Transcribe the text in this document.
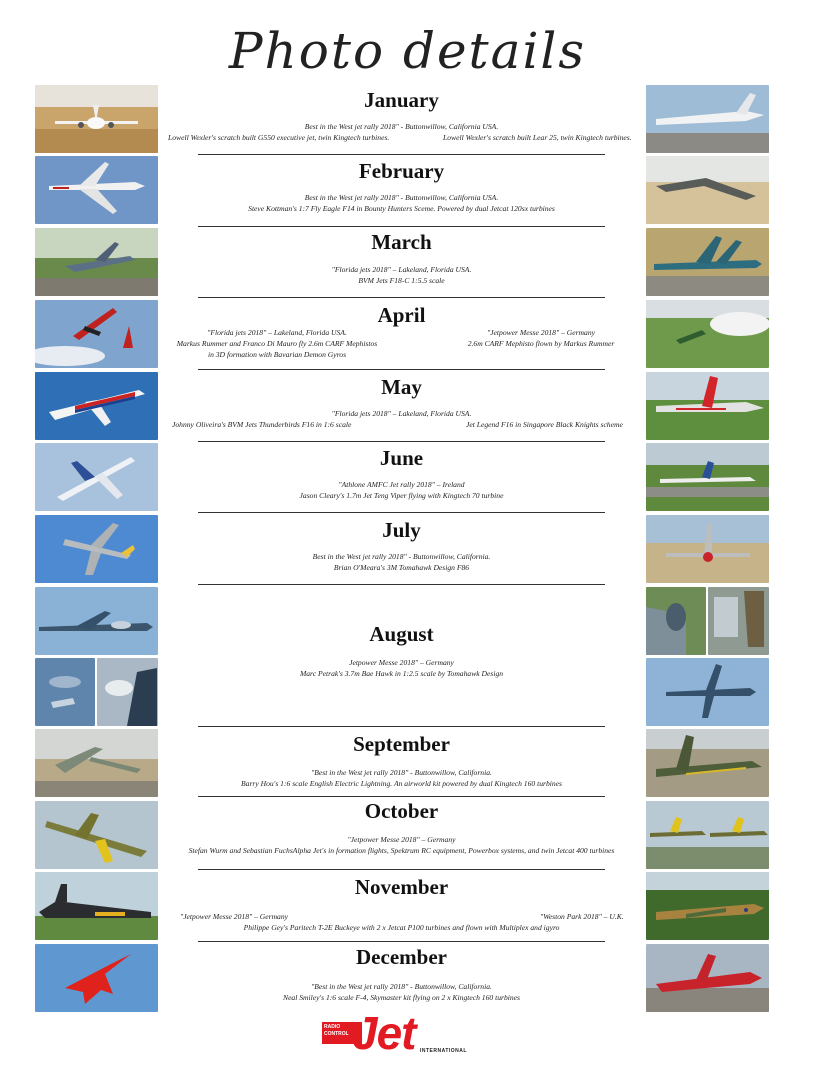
Photo details
January
Best in the West jet rally 2018" - Buttonwillow, California USA.
Lowell Wexler's scratch built G550 executive jet, twin Kingtech turbines.	Lowell Wexler's scratch built Lear 25, twin Kingtech turbines.
February
Best in the West jet rally 2018" - Buttonwillow, California USA.
Steve Kottman's 1:7 Fly Eagle F14 in Bounty Hunters Sceme. Powered by dual Jetcat 120sx turbines
March
"Florida jets 2018" – Lakeland, Florida USA.
BVM Jets F18-C 1:5.5 scale
April
"Florida jets 2018" – Lakeland, Florida USA.
Markus Rummer and Franco Di Mauro fly 2.6m CARF Mephistos
in 3D formation with Bavarian Demon Gyros
"Jetpower Messe 2018" – Germany
2.6m CARF Mephisto flown by Markus Rummer
May
"Florida jets 2018" – Lakeland, Florida USA.
Johnny Oliveira's BVM Jets Thunderbirds F16 in 1:6 scale	Jet Legend F16 in Singapore Black Knights scheme
June
"Athlone AMFC Jet rally 2018" – Ireland
Jason Cleary's 1.7m Jet Teng Viper flying with Kingtech 70 turbine
July
Best in the West jet rally 2018" - Buttonwillow, California.
Brian O'Meara's 3M Tomahawk Design F86
August
Jetpower Messe 2018" – Germany
Marc Petrak's 3.7m Bae Hawk in 1:2.5 scale by Tomahawk Design
September
"Best in the West jet rally 2018" - Buttonwillow, California.
Barry Hou's 1:6 scale English Electric Lightning. An airworld kit powered by dual Kingtech 160 turbines
October
"Jetpower Messe 2018" – Germany
Stefan Wurm and Sebastian FuchsAlpha Jet's in formation flights, Spektrum RC equipment, Powerbox systems, and twin Jetcat 400 turbines
November
"Jetpower Messe 2018" – Germany	"Weston Park 2018" – U.K.
Philippe Gey's Paritech T-2E Buckeye with 2 x Jetcat P100 turbines and flown with Multiplex and igyro
December
"Best in the West jet rally 2018" - Buttonwillow, California.
Neal Smiley's 1:6 scale F-4, Skymaster kit flying on 2 x Kingtech 160 turbines
RADIO CONTROL Jet INTERNATIONAL
